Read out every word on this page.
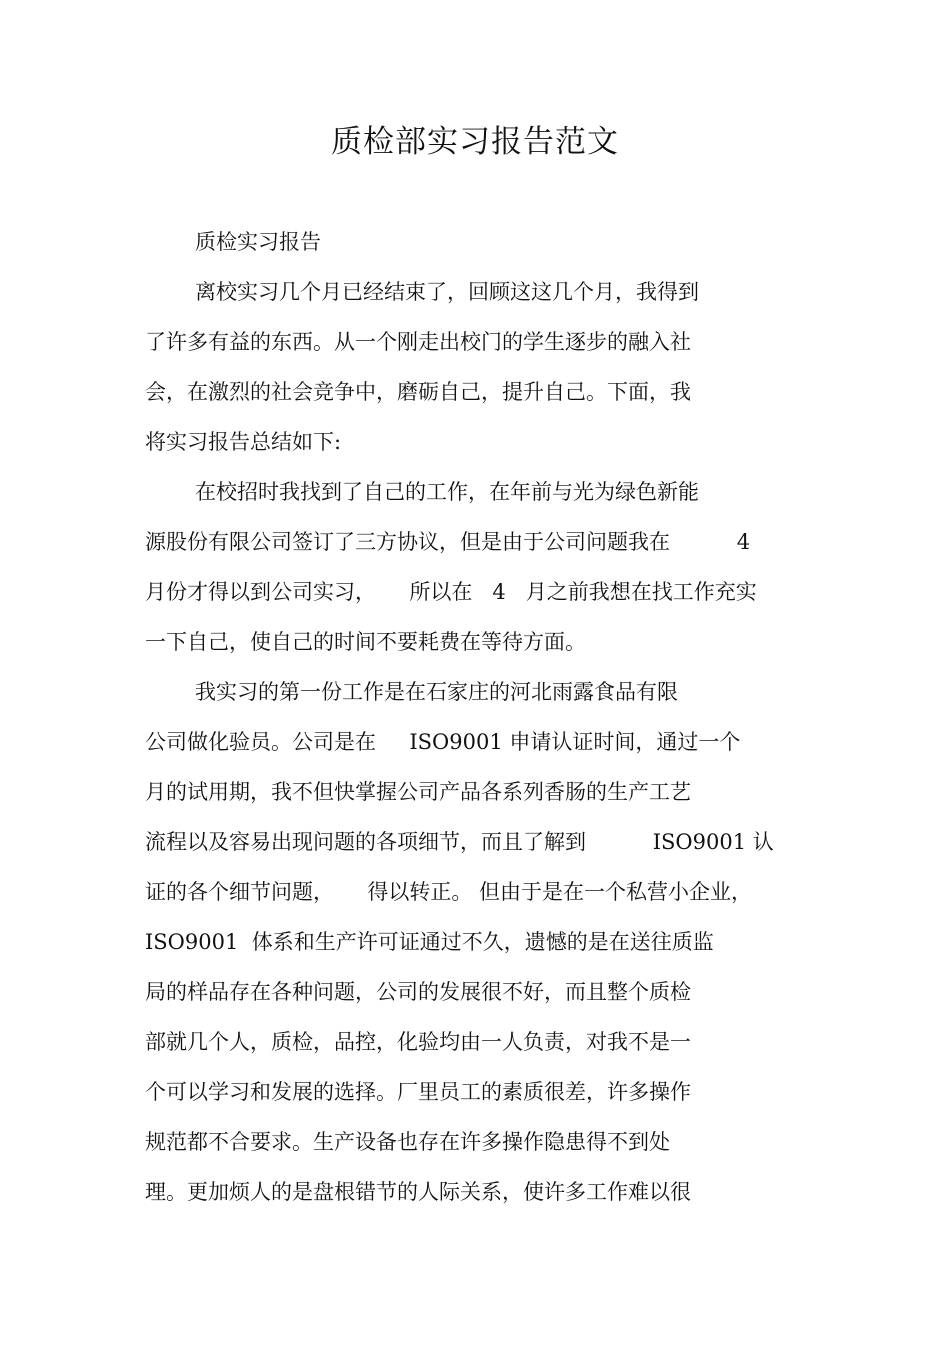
质检部实习报告范文
质检实习报告
离校实习几个月已经结束了，回顾这这几个月，我得到
了许多有益的东西。从一个刚走出校门的学生逐步的融入社
会，在激烈的社会竞争中，磨砺自己，提升自己。下面，我
将实习报告总结如下:
在校招时我找到了自己的工作，在年前与光为绿色新能
源股份有限公司签订了三方协议，但是由于公司问题我在          4
月份才得以到公司实习，     所以在   4   月之前我想在找工作充实
一下自己，使自己的时间不要耗费在等待方面。
我实习的第一份工作是在石家庄的河北雨露食品有限
公司做化验员。公司是在     ISO9001 申请认证时间，通过一个
月的试用期，我不但快掌握公司产品各系列香肠的生产工艺
流程以及容易出现问题的各项细节，而且了解到          ISO9001 认
证的各个细节问题，     得以转正。 但由于是在一个私营小企业，
ISO9001  体系和生产许可证通过不久，遗憾的是在送往质监
局的样品存在各种问题，公司的发展很不好，而且整个质检
部就几个人，质检，品控，化验均由一人负责，对我不是一
个可以学习和发展的选择。厂里员工的素质很差，许多操作
规范都不合要求。生产设备也存在许多操作隐患得不到处
理。更加烦人的是盘根错节的人际关系，使许多工作难以很
